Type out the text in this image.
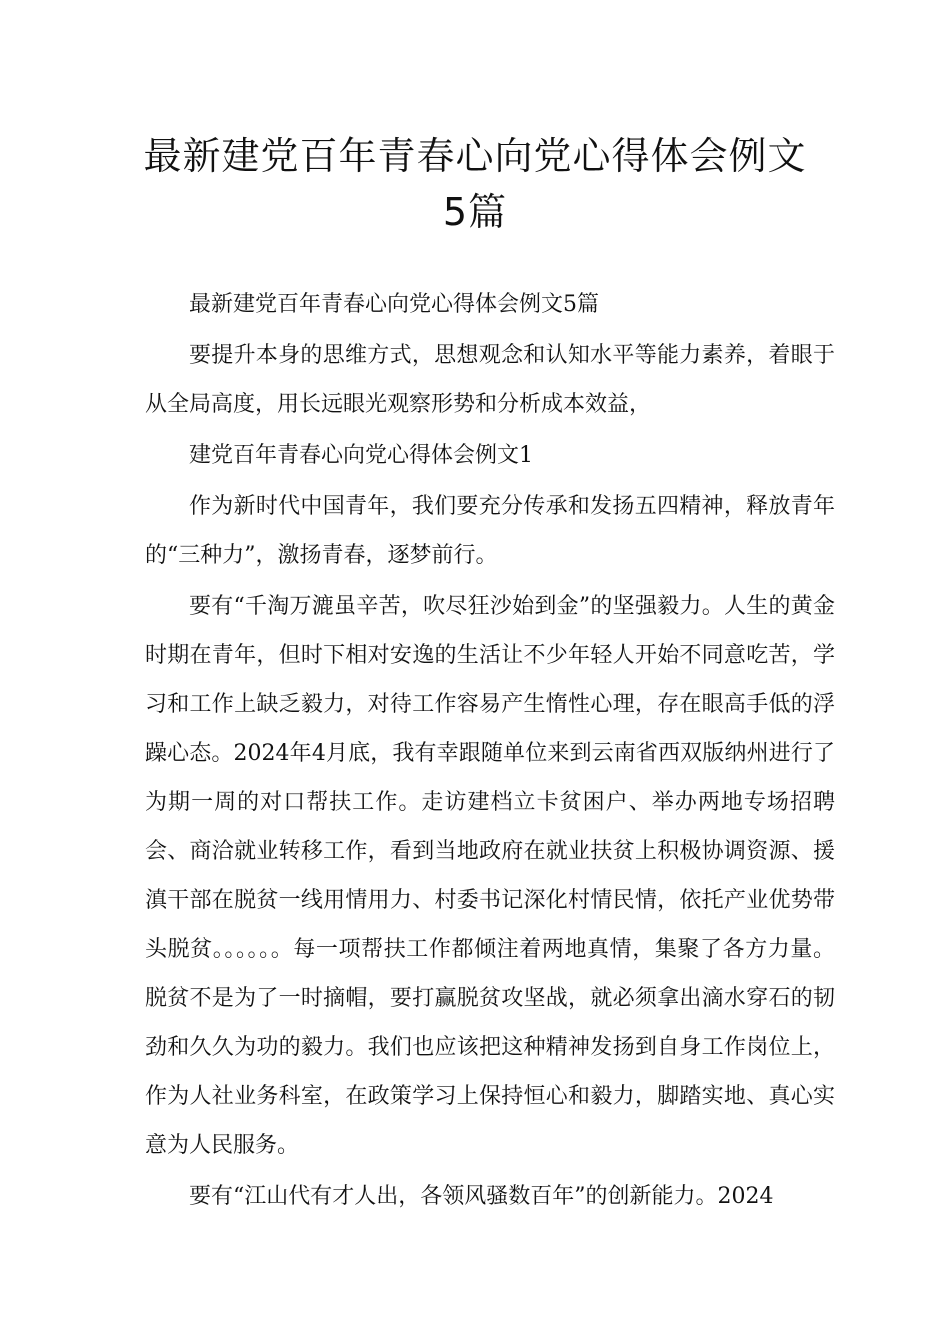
最新建党百年青春心向党心得体会例文
5篇

最新建党百年青春心向党心得体会例文5篇

要提升本身的思维方式，思想观念和认知水平等能力素养，着眼于从全局高度，用长远眼光观察形势和分析成本效益，

建党百年青春心向党心得体会例文1

作为新时代中国青年，我们要充分传承和发扬五四精神，释放青年的“三种力”，激扬青春，逐梦前行。

要有“千淘万漉虽辛苦，吹尽狂沙始到金”的坚强毅力。人生的黄金时期在青年，但时下相对安逸的生活让不少年轻人开始不同意吃苦，学习和工作上缺乏毅力，对待工作容易产生惰性心理，存在眼高手低的浮躁心态。2024年4月底，我有幸跟随单位来到云南省西双版纳州进行了为期一周的对口帮扶工作。走访建档立卡贫困户、举办两地专场招聘会、商洽就业转移工作，看到当地政府在就业扶贫上积极协调资源、援滇干部在脱贫一线用情用力、村委书记深化村情民情，依托产业优势带头脱贫。。。。。。每一项帮扶工作都倾注着两地真情，集聚了各方力量。脱贫不是为了一时摘帽，要打赢脱贫攻坚战，就必须拿出滴水穿石的韧劲和久久为功的毅力。我们也应该把这种精神发扬到自身工作岗位上，作为人社业务科室，在政策学习上保持恒心和毅力，脚踏实地、真心实意为人民服务。

要有“江山代有才人出，各领风骚数百年”的创新能力。2024
